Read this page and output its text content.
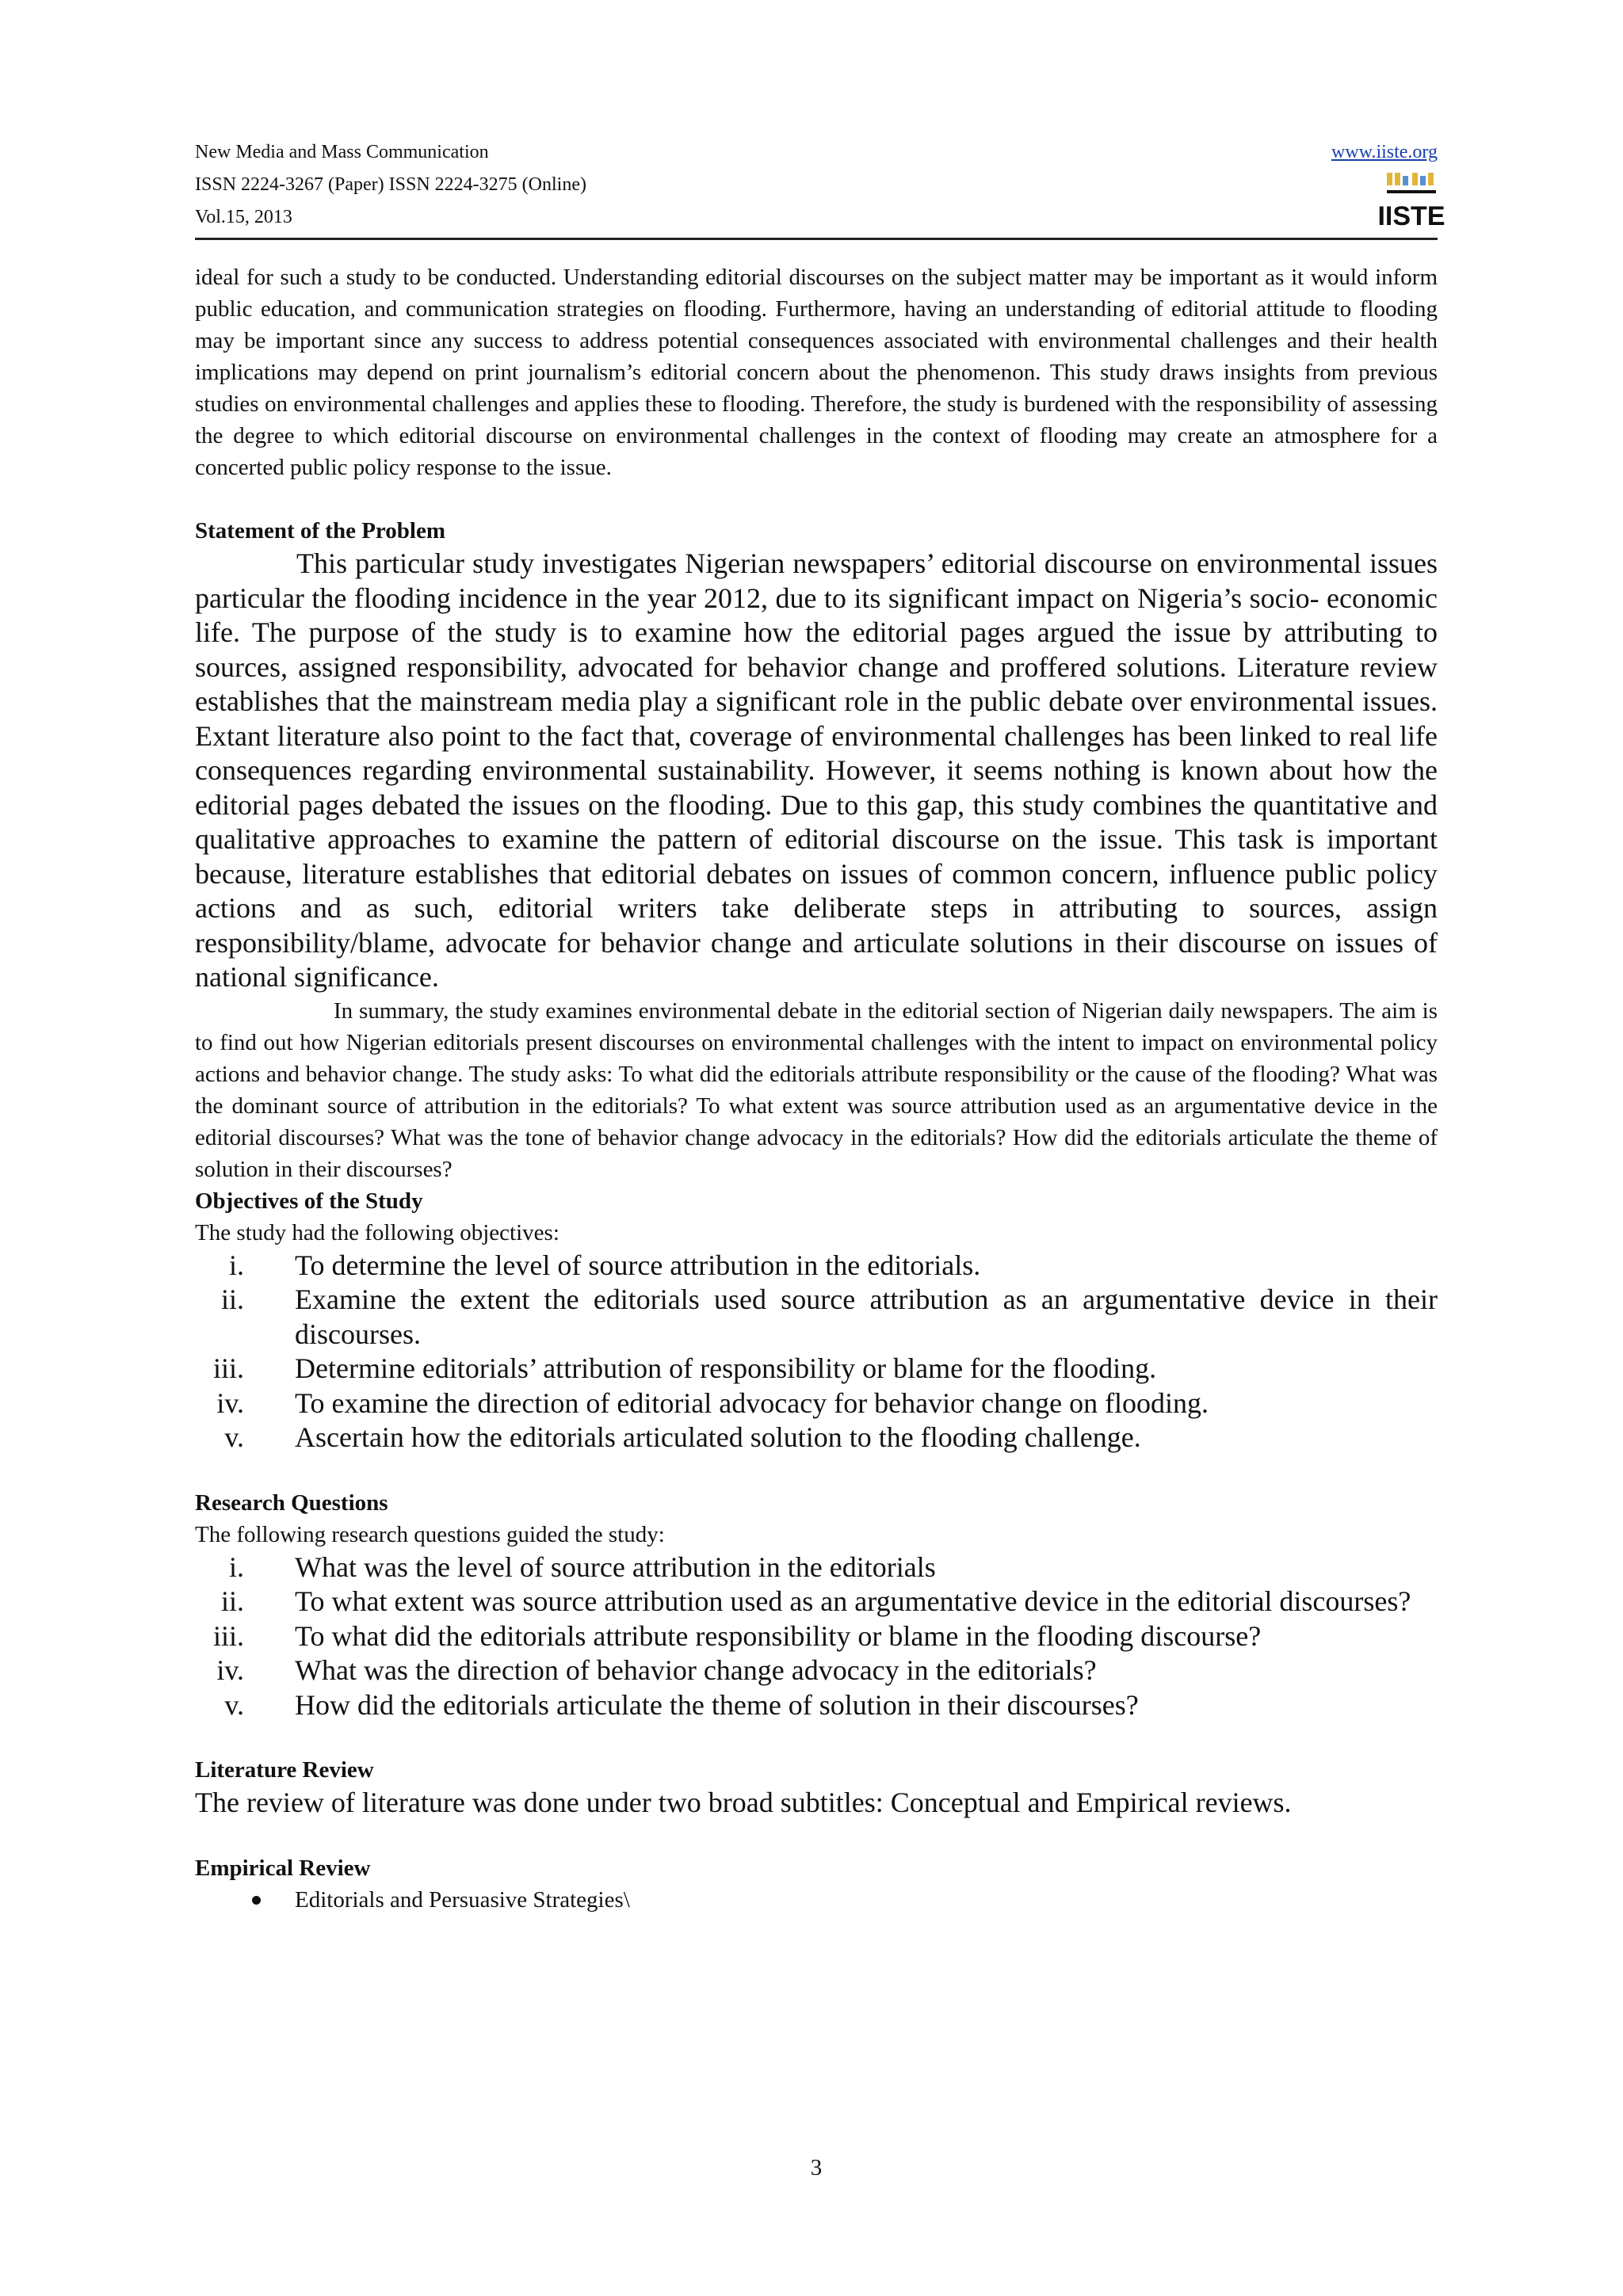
New Media and Mass Communication
ISSN 2224-3267 (Paper) ISSN 2224-3275 (Online)
Vol.15, 2013
www.iiste.org
IISTE

ideal for such a study to be conducted. Understanding editorial discourses on the subject matter may be important as it would inform public education, and communication strategies on flooding. Furthermore, having an understanding of editorial attitude to flooding may be important since any success to address potential consequences associated with environmental challenges and their health implications may depend on print journalism’s editorial concern about the phenomenon. This study draws insights from previous studies on environmental challenges and applies these to flooding. Therefore, the study is burdened with the responsibility of assessing the degree to which editorial discourse on environmental challenges in the context of flooding may create an atmosphere for a concerted public policy response to the issue.

Statement of the Problem

This particular study investigates Nigerian newspapers’ editorial discourse on environmental issues particular the flooding incidence in the year 2012, due to its significant impact on Nigeria’s socio- economic life. The purpose of the study is to examine how the editorial pages argued the issue by attributing to sources, assigned responsibility, advocated for behavior change and proffered solutions. Literature review establishes that the mainstream media play a significant role in the public debate over environmental issues. Extant literature also point to the fact that, coverage of environmental challenges has been linked to real life consequences regarding environmental sustainability. However, it seems nothing is known about how the editorial pages debated the issues on the flooding. Due to this gap, this study combines the quantitative and qualitative approaches to examine the pattern of editorial discourse on the issue. This task is important because, literature establishes that editorial debates on issues of common concern, influence public policy actions and as such, editorial writers take deliberate steps in attributing to sources, assign responsibility/blame, advocate for behavior change and articulate solutions in their discourse on issues of national significance.

In summary, the study examines environmental debate in the editorial section of Nigerian daily newspapers. The aim is to find out how Nigerian editorials present discourses on environmental challenges with the intent to impact on environmental policy actions and behavior change. The study asks: To what did the editorials attribute responsibility or the cause of the flooding? What was the dominant source of attribution in the editorials? To what extent was source attribution used as an argumentative device in the editorial discourses? What was the tone of behavior change advocacy in the editorials? How did the editorials articulate the theme of solution in their discourses?

Objectives of the Study

The study had the following objectives:

i. To determine the level of source attribution in the editorials.
ii. Examine the extent the editorials used source attribution as an argumentative device in their discourses.
iii. Determine editorials’ attribution of responsibility or blame for the flooding.
iv. To examine the direction of editorial advocacy for behavior change on flooding.
v. Ascertain how the editorials articulated solution to the flooding challenge.
Research Questions

The following research questions guided the study:

i. What was the level of source attribution in the editorials
ii. To what extent was source attribution used as an argumentative device in the editorial discourses?
iii. To what did the editorials attribute responsibility or blame in the flooding discourse?
iv. What was the direction of behavior change advocacy in the editorials?
v. How did the editorials articulate the theme of solution in their discourses?
Literature Review

The review of literature was done under two broad subtitles: Conceptual and Empirical reviews.

Empirical Review
Editorials and Persuasive Strategies\
3
